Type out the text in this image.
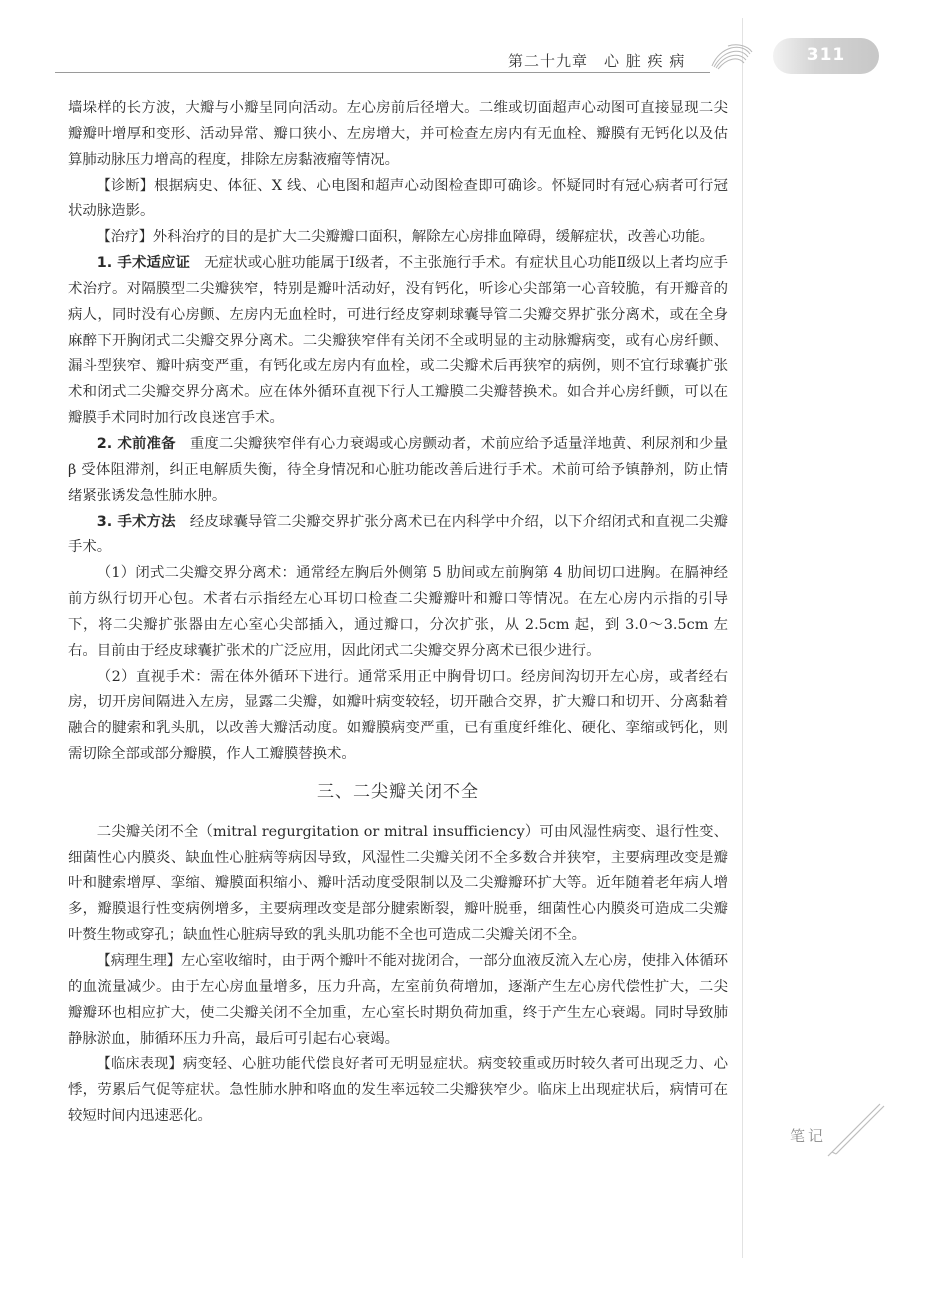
第二十九章 心 脏 疾 病	311

墙垛样的长方波，大瓣与小瓣呈同向活动。左心房前后径增大。二维或切面超声心动图可直接显现二尖瓣瓣叶增厚和变形、活动异常、瓣口狭小、左房增大，并可检查左房内有无血栓、瓣膜有无钙化以及估算肺动脉压力增高的程度，排除左房黏液瘤等情况。

【诊断】根据病史、体征、X 线、心电图和超声心动图检查即可确诊。怀疑同时有冠心病者可行冠状动脉造影。

【治疗】外科治疗的目的是扩大二尖瓣瓣口面积，解除左心房排血障碍，缓解症状，改善心功能。

1. 手术适应证 无症状或心脏功能属于Ⅰ级者，不主张施行手术。有症状且心功能Ⅱ级以上者均应手术治疗。对隔膜型二尖瓣狭窄，特别是瓣叶活动好，没有钙化，听诊心尖部第一心音较脆，有开瓣音的病人，同时没有心房颤、左房内无血栓时，可进行经皮穿刺球囊导管二尖瓣交界扩张分离术，或在全身麻醉下开胸闭式二尖瓣交界分离术。二尖瓣狭窄伴有关闭不全或明显的主动脉瓣病变，或有心房纤颤、漏斗型狭窄、瓣叶病变严重，有钙化或左房内有血栓，或二尖瓣术后再狭窄的病例，则不宜行球囊扩张术和闭式二尖瓣交界分离术。应在体外循环直视下行人工瓣膜二尖瓣替换术。如合并心房纤颤，可以在瓣膜手术同时加行改良迷宫手术。

2. 术前准备 重度二尖瓣狭窄伴有心力衰竭或心房颤动者，术前应给予适量洋地黄、利尿剂和少量 β 受体阻滞剂，纠正电解质失衡，待全身情况和心脏功能改善后进行手术。术前可给予镇静剂，防止情绪紧张诱发急性肺水肿。

3. 手术方法 经皮球囊导管二尖瓣交界扩张分离术已在内科学中介绍，以下介绍闭式和直视二尖瓣手术。

（1）闭式二尖瓣交界分离术：通常经左胸后外侧第 5 肋间或左前胸第 4 肋间切口进胸。在膈神经前方纵行切开心包。术者右示指经左心耳切口检查二尖瓣瓣叶和瓣口等情况。在左心房内示指的引导下，将二尖瓣扩张器由左心室心尖部插入，通过瓣口，分次扩张，从 2.5cm 起，到 3.0～3.5cm 左右。目前由于经皮球囊扩张术的广泛应用，因此闭式二尖瓣交界分离术已很少进行。

（2）直视手术：需在体外循环下进行。通常采用正中胸骨切口。经房间沟切开左心房，或者经右房，切开房间隔进入左房，显露二尖瓣，如瓣叶病变较轻，切开融合交界，扩大瓣口和切开、分离黏着融合的腱索和乳头肌，以改善大瓣活动度。如瓣膜病变严重，已有重度纤维化、硬化、挛缩或钙化，则需切除全部或部分瓣膜，作人工瓣膜替换术。

三、二尖瓣关闭不全

二尖瓣关闭不全（mitral regurgitation or mitral insufficiency）可由风湿性病变、退行性变、细菌性心内膜炎、缺血性心脏病等病因导致，风湿性二尖瓣关闭不全多数合并狭窄，主要病理改变是瓣叶和腱索增厚、挛缩、瓣膜面积缩小、瓣叶活动度受限制以及二尖瓣瓣环扩大等。近年随着老年病人增多，瓣膜退行性变病例增多，主要病理改变是部分腱索断裂，瓣叶脱垂，细菌性心内膜炎可造成二尖瓣叶赘生物或穿孔；缺血性心脏病导致的乳头肌功能不全也可造成二尖瓣关闭不全。

【病理生理】左心室收缩时，由于两个瓣叶不能对拢闭合，一部分血液反流入左心房，使排入体循环的血流量减少。由于左心房血量增多，压力升高，左室前负荷增加，逐渐产生左心房代偿性扩大，二尖瓣瓣环也相应扩大，使二尖瓣关闭不全加重，左心室长时期负荷加重，终于产生左心衰竭。同时导致肺静脉淤血，肺循环压力升高，最后可引起右心衰竭。

【临床表现】病变轻、心脏功能代偿良好者可无明显症状。病变较重或历时较久者可出现乏力、心悸，劳累后气促等症状。急性肺水肿和咯血的发生率远较二尖瓣狭窄少。临床上出现症状后，病情可在较短时间内迅速恶化。

笔记
